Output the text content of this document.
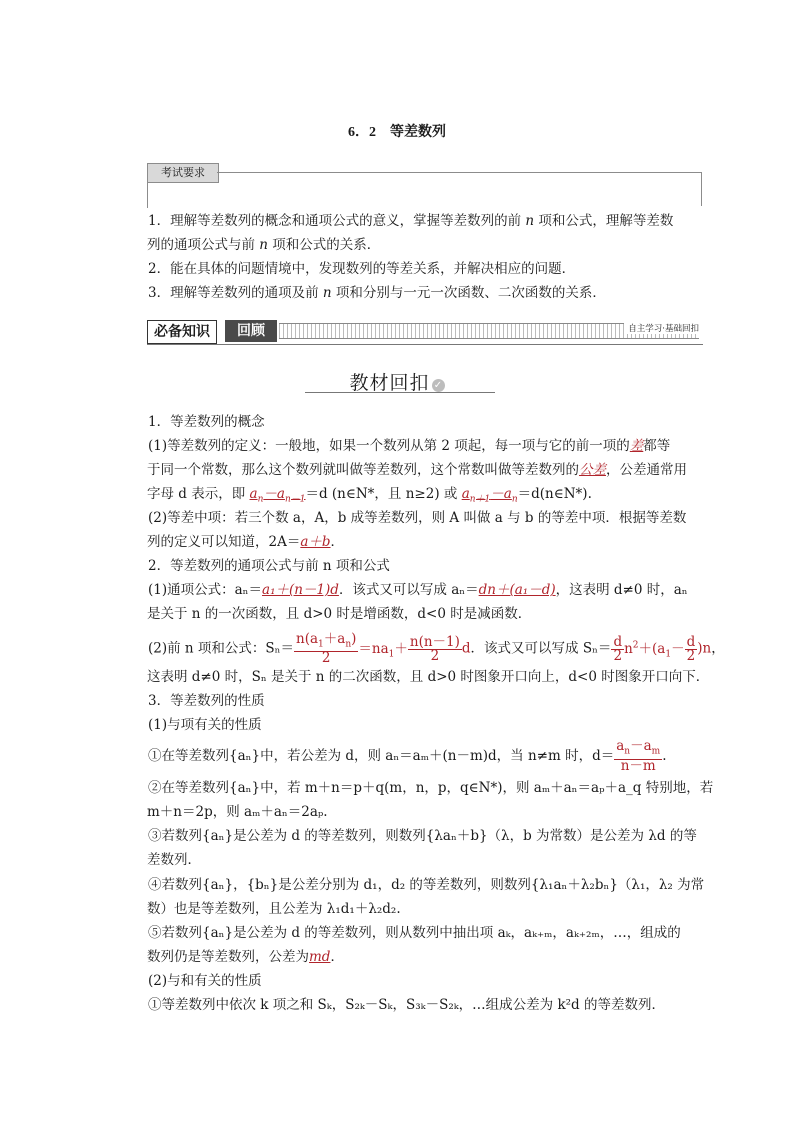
6．2 等差数列
考试要求
1．理解等差数列的概念和通项公式的意义，掌握等差数列的前 n 项和公式，理解等差数
列的通项公式与前 n 项和公式的关系．
2．能在具体的问题情境中，发现数列的等差关系，并解决相应的问题．
3．理解等差数列的通项及前 n 项和分别与一元一次函数、二次函数的关系．
必备知识	回顾	自主学习·基础回扣
教材回扣 ✓
1．等差数列的概念
(1)等差数列的定义：一般地，如果一个数列从第 2 项起，每一项与它的前一项的差都等
于同一个常数，那么这个数列就叫做等差数列，这个常数叫做等差数列的公差，公差通常用
字母 d 表示，即 $a_n-a_{n-1}=d$ (n∈N*，且 n≥2) 或 $a_{n+1}-a_n=d(n\in N*)$.
(2)等差中项：若三个数 a，A，b 成等差数列，则 A 叫做 a 与 b 的等差中项．根据等差数
列的定义可以知道，2A＝a＋b．
2．等差数列的通项公式与前 n 项和公式
(1)通项公式：aₙ＝a₁＋(n－1)d．该式又可以写成 aₙ＝dn＋(a₁－d)，这表明 d≠0 时，aₙ
是关于 n 的一次函数，且 d>0 时是增函数，d<0 时是减函数．
(2)前 n 项和公式：$S_n= \frac{n(a_1+a_n)}{2} =na_1+ \frac{n(n-1)}{2}$ d．该式又可以写成 $S_n= \frac{d}{2} n^2+(a_1- \frac{d}{2} )n$，
这表明 d≠0 时，Sₙ 是关于 n 的二次函数，且 d>0 时图象开口向上，d<0 时图象开口向下．
3．等差数列的性质
(1)与项有关的性质
①在等差数列{aₙ}中，若公差为 d，则 aₙ＝aₘ＋(n－m)d，当 n≠m 时，$d= \frac{a_n-a_m}{n-m}$ .
②在等差数列{aₙ}中，若 m＋n＝p＋q(m，n，p，q∈N*)，则 aₘ＋aₙ＝aₚ＋a_q 特别地，若
m＋n＝2p，则 aₘ＋aₙ＝2aₚ.
③若数列{aₙ}是公差为 d 的等差数列，则数列{λaₙ＋b}（λ，b 为常数）是公差为 λd 的等
差数列．
④若数列{aₙ}，{bₙ}是公差分别为 d₁，d₂ 的等差数列，则数列{λ₁aₙ＋λ₂bₙ}（λ₁，λ₂ 为常
数）也是等差数列，且公差为 λ₁d₁＋λ₂d₂.
⑤若数列{aₙ}是公差为 d 的等差数列，则从数列中抽出项 aₖ，aₖ₊ₘ，aₖ₊₂ₘ，…，组成的
数列仍是等差数列，公差为md．
(2)与和有关的性质
①等差数列中依次 k 项之和 Sₖ，S₂ₖ－Sₖ，S₃ₖ－S₂ₖ，…组成公差为 k²d 的等差数列．
